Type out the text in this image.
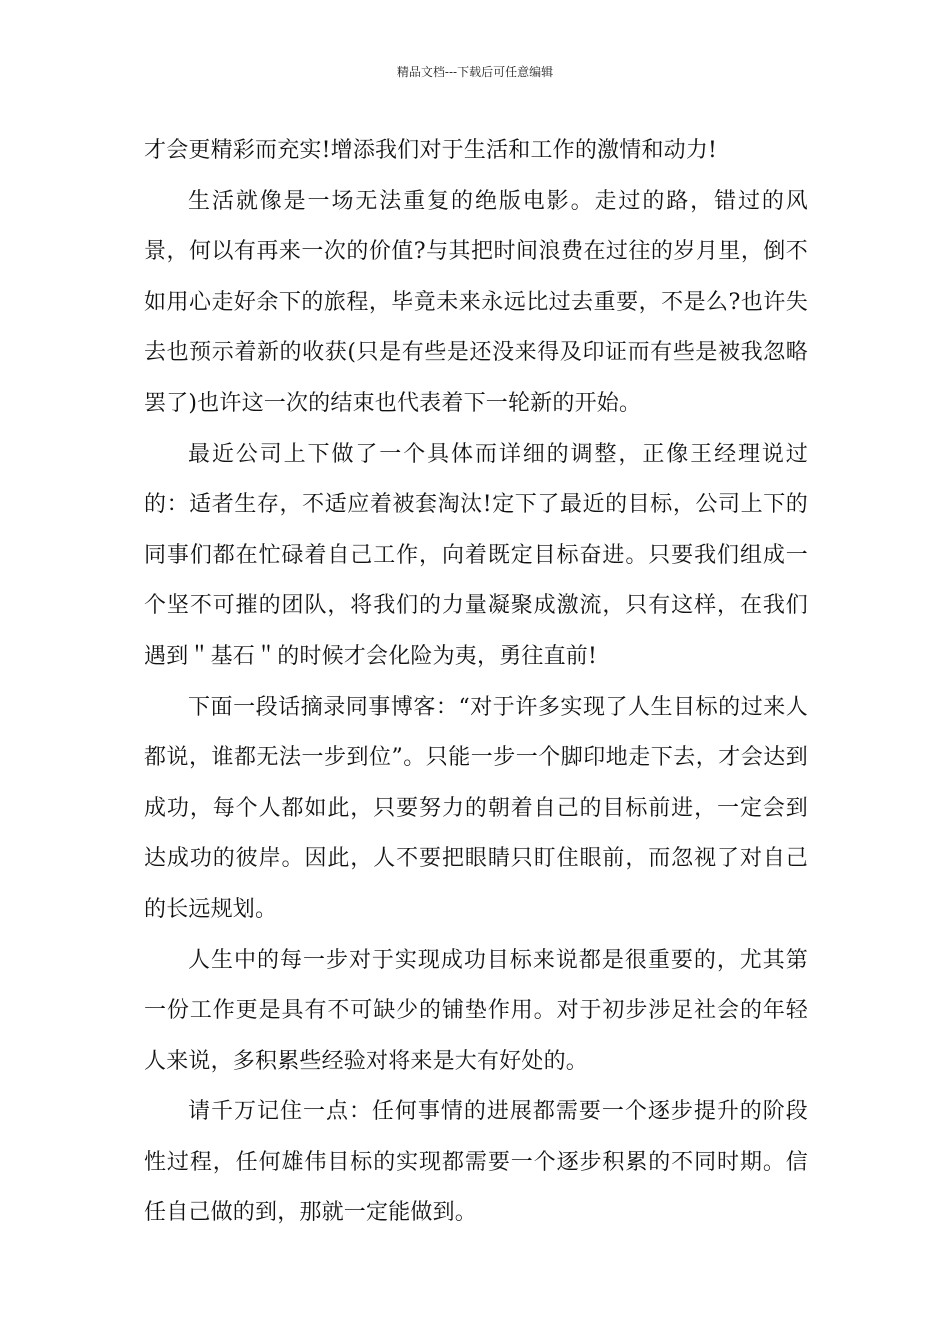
精品文档---下载后可任意编辑

才会更精彩而充实!增添我们对于生活和工作的激情和动力!

生活就像是一场无法重复的绝版电影。走过的路，错过的风景，何以有再来一次的价值?与其把时间浪费在过往的岁月里，倒不如用心走好余下的旅程，毕竟未来永远比过去重要，不是么?也许失去也预示着新的收获(只是有些是还没来得及印证而有些是被我忽略罢了)也许这一次的结束也代表着下一轮新的开始。

最近公司上下做了一个具体而详细的调整，正像王经理说过的：适者生存，不适应着被套淘汰!定下了最近的目标，公司上下的同事们都在忙碌着自己工作，向着既定目标奋进。只要我们组成一个坚不可摧的团队，将我们的力量凝聚成激流，只有这样，在我们遇到＂基石＂的时候才会化险为夷，勇往直前!

下面一段话摘录同事博客：“对于许多实现了人生目标的过来人都说，谁都无法一步到位”。只能一步一个脚印地走下去，才会达到成功，每个人都如此，只要努力的朝着自己的目标前进，一定会到达成功的彼岸。因此，人不要把眼睛只盯住眼前，而忽视了对自己的长远规划。

人生中的每一步对于实现成功目标来说都是很重要的，尤其第一份工作更是具有不可缺少的铺垫作用。对于初步涉足社会的年轻人来说，多积累些经验对将来是大有好处的。

请千万记住一点：任何事情的进展都需要一个逐步提升的阶段性过程，任何雄伟目标的实现都需要一个逐步积累的不同时期。信任自己做的到，那就一定能做到。
